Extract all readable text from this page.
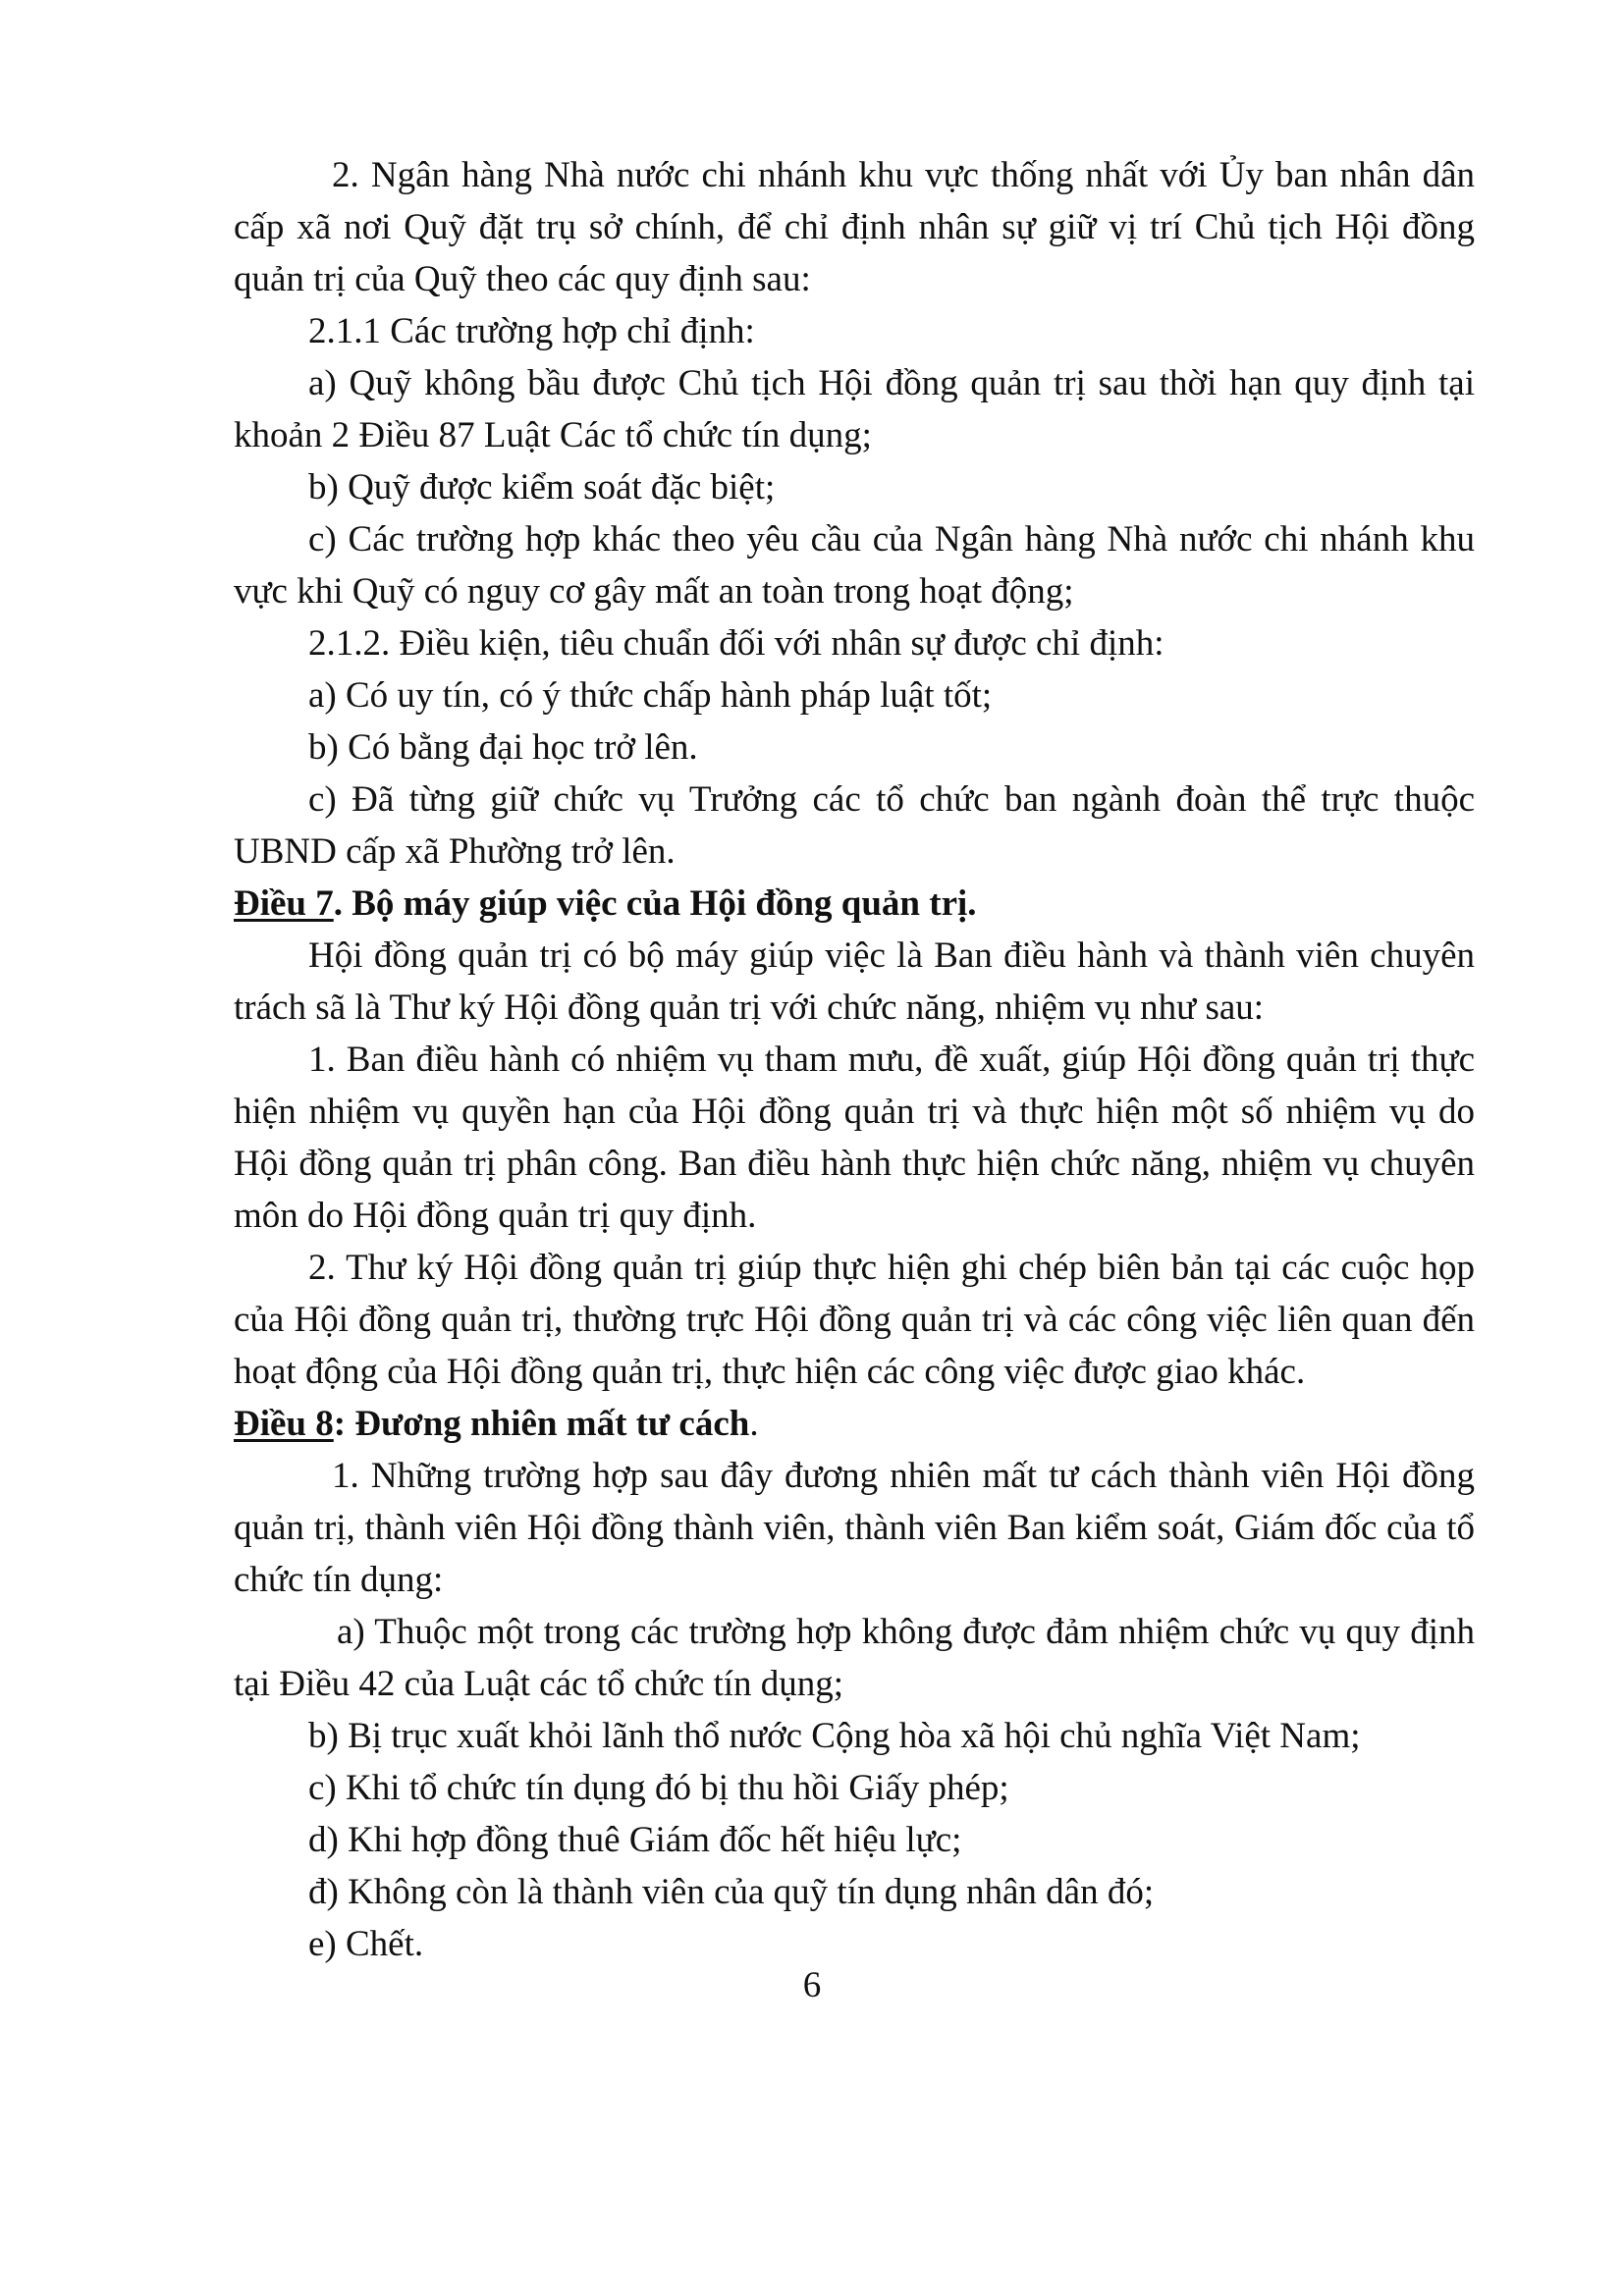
2. Ngân hàng Nhà nước chi nhánh khu vực thống nhất với Ủy ban nhân dân cấp xã nơi Quỹ đặt trụ sở chính, để chỉ định nhân sự giữ vị trí Chủ tịch Hội đồng quản trị của Quỹ theo các quy định sau:

2.1.1 Các trường hợp chỉ định:

a) Quỹ không bầu được Chủ tịch Hội đồng quản trị sau thời hạn quy định tại khoản 2 Điều 87 Luật Các tổ chức tín dụng;

b) Quỹ được kiểm soát đặc biệt;

c) Các trường hợp khác theo yêu cầu của Ngân hàng Nhà nước chi nhánh khu vực khi Quỹ có nguy cơ gây mất an toàn trong hoạt động;

2.1.2. Điều kiện, tiêu chuẩn đối với nhân sự được chỉ định:

a) Có uy tín, có ý thức chấp hành pháp luật tốt;

b) Có bằng đại học trở lên.

c) Đã từng giữ chức vụ Trưởng các tổ chức ban ngành đoàn thể trực thuộc UBND cấp xã Phường trở lên.

Điều 7. Bộ máy giúp việc của Hội đồng quản trị.

Hội đồng quản trị có bộ máy giúp việc là Ban điều hành và thành viên chuyên trách sã là Thư ký Hội đồng quản trị với chức năng, nhiệm vụ như sau:

1. Ban điều hành có nhiệm vụ tham mưu, đề xuất, giúp Hội đồng quản trị thực hiện nhiệm vụ quyền hạn của Hội đồng quản trị và thực hiện một số nhiệm vụ do Hội đồng quản trị phân công. Ban điều hành thực hiện chức năng, nhiệm vụ chuyên môn do Hội đồng quản trị quy định.

2. Thư ký Hội đồng quản trị giúp thực hiện ghi chép biên bản tại các cuộc họp của Hội đồng quản trị, thường trực Hội đồng quản trị và các công việc liên quan đến hoạt động của Hội đồng quản trị, thực hiện các công việc được giao khác.

Điều 8: Đương nhiên mất tư cách.

1. Những trường hợp sau đây đương nhiên mất tư cách thành viên Hội đồng quản trị, thành viên Hội đồng thành viên, thành viên Ban kiểm soát, Giám đốc của tổ chức tín dụng:

a) Thuộc một trong các trường hợp không được đảm nhiệm chức vụ quy định tại Điều 42 của Luật các tổ chức tín dụng;

b) Bị trục xuất khỏi lãnh thổ nước Cộng hòa xã hội chủ nghĩa Việt Nam;

c) Khi tổ chức tín dụng đó bị thu hồi Giấy phép;

d) Khi hợp đồng thuê Giám đốc hết hiệu lực;

đ) Không còn là thành viên của quỹ tín dụng nhân dân đó;

e) Chết.

6
